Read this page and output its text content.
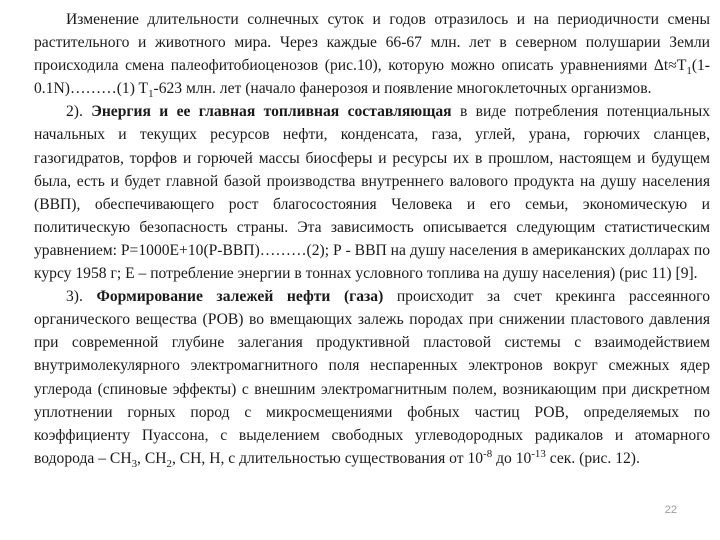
Изменение длительности солнечных суток и годов отразилось и на периодичности смены растительного и животного мира. Через каждые 66-67 млн. лет в северном полушарии Земли происходила смена палеофитобиоценозов (рис.10), которую можно описать уравнениями $\Delta t\approx T_1(1-0.1N)\dots\dots\dots(1)$ $T_1-623$ млн. лет (начало фанерозоя и появление многоклеточных организмов.

2). Энергия и ее главная топливная составляющая в виде потребления потенциальных начальных и текущих ресурсов нефти, конденсата, газа, углей, урана, горючих сланцев, газогидратов, торфов и горючей массы биосферы и ресурсы их в прошлом, настоящем и будущем была, есть и будет главной базой производства внутреннего валового продукта на душу населения (ВВП), обеспечивающего рост благосостояния Человека и его семьи, экономическую и политическую безопасность страны. Эта зависимость описывается следующим статистическим уравнением: Р=1000Е+10(Р-ВВП)………(2); Р - ВВП на душу населения в американских долларах по курсу 1958 г; Е – потребление энергии в тоннах условного топлива на душу населения) (рис 11) [9].

3). Формирование залежей нефти (газа) происходит за счет крекинга рассеянного органического вещества (РОВ) во вмещающих залежь породах при снижении пластового давления при современной глубине залегания продуктивной пластовой системы с взаимодействием внутримолекулярного электромагнитного поля неспаренных электронов вокруг смежных ядер углерода (спиновые эффекты) с внешним электромагнитным полем, возникающим при дискретном уплотнении горных пород с микросмещениями фобных частиц РОВ, определяемых по коэффициенту Пуассона, с выделением свободных углеводородных радикалов и атомарного водорода – $СН_3$, $СН_2$, СН, Н, с длительностью существования от $10^{-8}$ до $10^{-13}$ сек. (рис. 12).

22
